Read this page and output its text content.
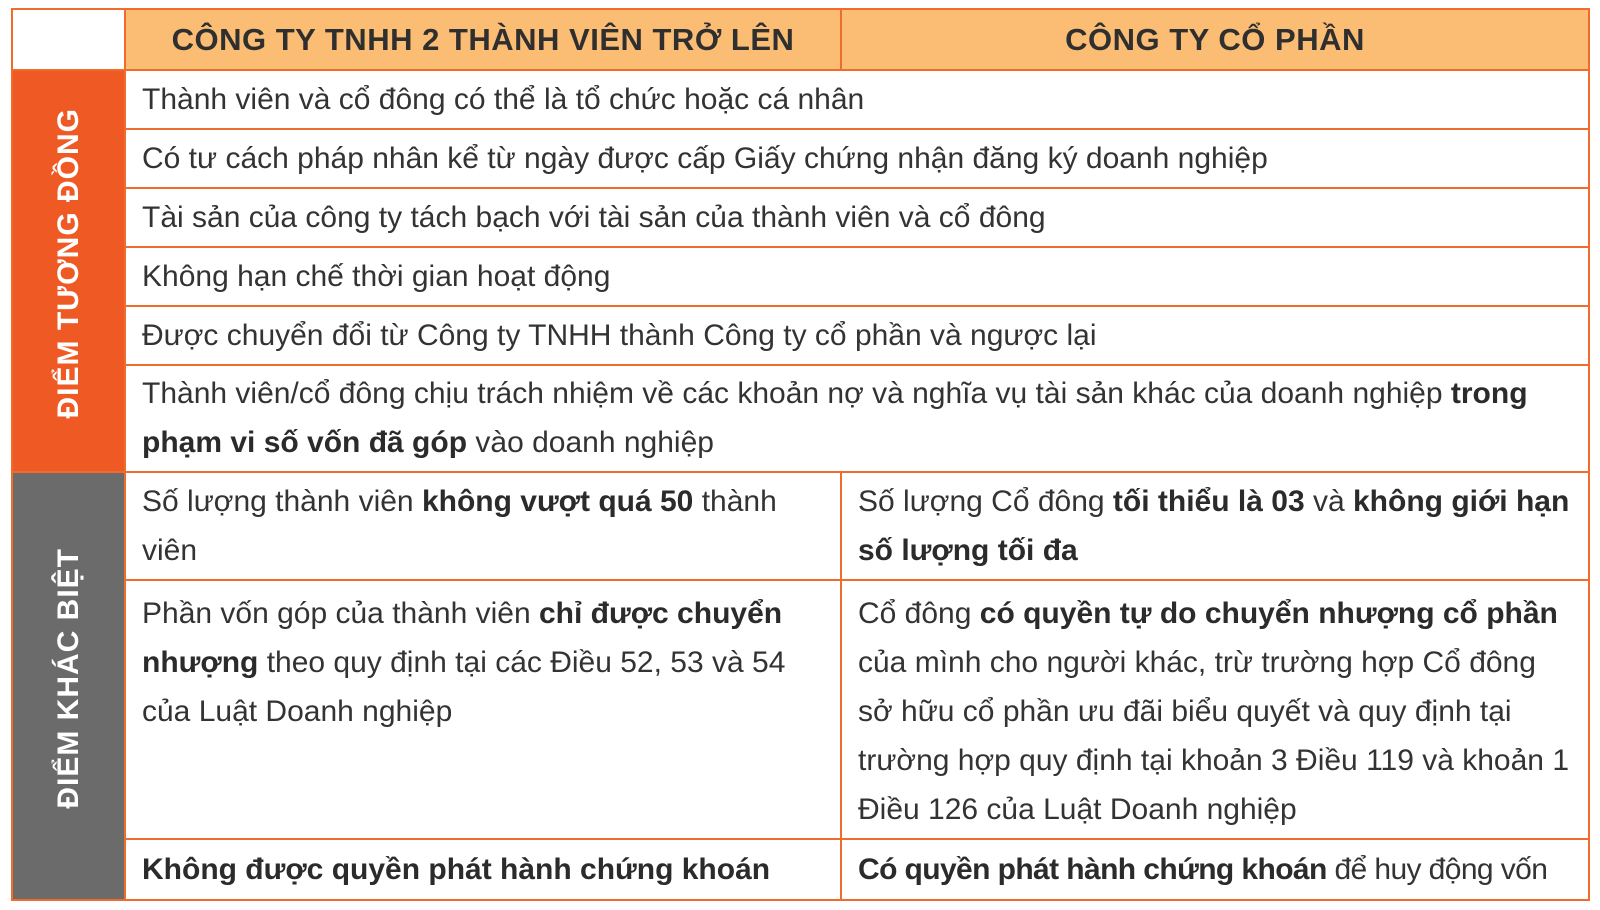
	CÔNG TY TNHH 2 THÀNH VIÊN TRỞ LÊN	CÔNG TY CỔ PHẦN
ĐIỂM TƯƠNG ĐỒNG	Thành viên và cổ đông có thể là tổ chức hoặc cá nhân	
	Có tư cách pháp nhân kể từ ngày được cấp Giấy chứng nhận đăng ký doanh nghiệp	
	Tài sản của công ty tách bạch với tài sản của thành viên và cổ đông	
	Không hạn chế thời gian hoạt động	
	Được chuyển đổi từ Công ty TNHH thành Công ty cổ phần và ngược lại	
	Thành viên/cổ đông chịu trách nhiệm về các khoản nợ và nghĩa vụ tài sản khác của doanh nghiệp trong phạm vi số vốn đã góp vào doanh nghiệp	
ĐIỂM KHÁC BIỆT	Số lượng thành viên không vượt quá 50 thành viên	Số lượng Cổ đông tối thiểu là 03 và không giới hạn số lượng tối đa
	Phần vốn góp của thành viên chỉ được chuyển nhượng theo quy định tại các Điều 52, 53 và 54 của Luật Doanh nghiệp	Cổ đông có quyền tự do chuyển nhượng cổ phần của mình cho người khác, trừ trường hợp Cổ đông sở hữu cổ phần ưu đãi biểu quyết và quy định tại trường hợp quy định tại khoản 3 Điều 119 và khoản 1 Điều 126 của Luật Doanh nghiệp
	Không được quyền phát hành chứng khoán	Có quyền phát hành chứng khoán để huy động vốn
